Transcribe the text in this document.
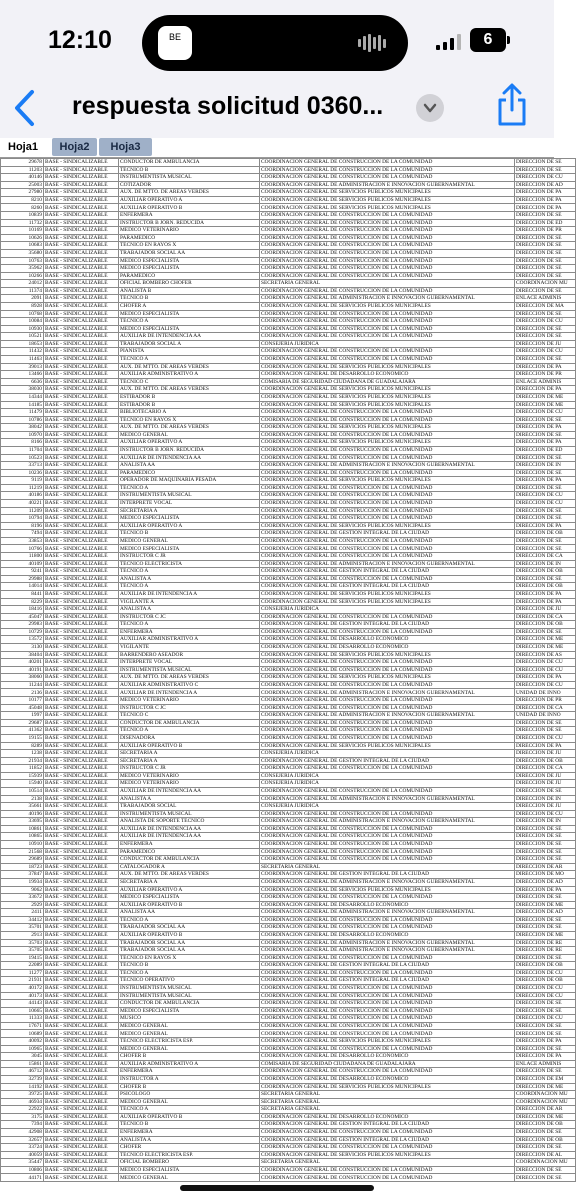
12:10	BE	6
respuesta solicitud 0360...
Hoja1	Hoja2	Hoja3
29678	BASE - SINDICALIZABLE	CONDUCTOR DE AMBULANCIA	COORDINACION GENERAL DE CONSTRUCCION DE LA COMUNIDAD	DIRECCION DE SE
11203	BASE - SINDICALIZABLE	TECNICO B	COORDINACION GENERAL DE CONSTRUCCION DE LA COMUNIDAD	DIRECCION DE SE
40146	BASE - SINDICALIZABLE	INSTRUMENTISTA MUSICAL	COORDINACION GENERAL DE CONSTRUCCION DE LA COMUNIDAD	DIRECCION DE CU
25003	BASE - SINDICALIZABLE	COTIZADOR	COORDINACION GENERAL DE ADMINISTRACION E INNOVACION GUBERNAMENTAL	DIRECCION DE AD
27980	BASE - SINDICALIZABLE	AUX. DE MTTO. DE AREAS VERDES	COORDINACION GENERAL DE SERVICIOS PUBLICOS MUNICIPALES	DIRECCION DE PA
8210	BASE - SINDICALIZABLE	AUXILIAR OPERATIVO A	COORDINACION GENERAL DE SERVICIOS PUBLICOS MUNICIPALES	DIRECCION DE PA
8260	BASE - SINDICALIZABLE	AUXILIAR OPERATIVO B	COORDINACION GENERAL DE SERVICIOS PUBLICOS MUNICIPALES	DIRECCION DE PA
10839	BASE - SINDICALIZABLE	ENFERMERA	COORDINACION GENERAL DE CONSTRUCCION DE LA COMUNIDAD	DIRECCION DE SE
11732	BASE - SINDICALIZABLE	INSTRUCTOR B JORN. REDUCIDA	COORDINACION GENERAL DE CONSTRUCCION DE LA COMUNIDAD	DIRECCION DE ED
10169	BASE - SINDICALIZABLE	MEDICO VETERINARIO	COORDINACION GENERAL DE CONSTRUCCION DE LA COMUNIDAD	DIRECCION DE PR
10626	BASE - SINDICALIZABLE	PARAMEDICO	COORDINACION GENERAL DE CONSTRUCCION DE LA COMUNIDAD	DIRECCION DE SE
10683	BASE - SINDICALIZABLE	TECNICO EN RAYOS X	COORDINACION GENERAL DE CONSTRUCCION DE LA COMUNIDAD	DIRECCION DE SE
35680	BASE - SINDICALIZABLE	TRABAJADOR SOCIAL AA	COORDINACION GENERAL DE CONSTRUCCION DE LA COMUNIDAD	DIRECCION DE SE
10763	BASE - SINDICALIZABLE	MEDICO ESPECIALISTA	COORDINACION GENERAL DE CONSTRUCCION DE LA COMUNIDAD	DIRECCION DE SE
35962	BASE - SINDICALIZABLE	MEDICO ESPECIALISTA	COORDINACION GENERAL DE CONSTRUCCION DE LA COMUNIDAD	DIRECCION DE SE
10266	BASE - SINDICALIZABLE	PARAMEDICO	COORDINACION GENERAL DE CONSTRUCCION DE LA COMUNIDAD	DIRECCION DE SE
24012	BASE - SINDICALIZABLE	OFICIAL BOMBERO CHOFER	SECRETARIA GENERAL	COORDINACION MU
11374	BASE - SINDICALIZABLE	ANALISTA B	COORDINACION GENERAL DE CONSTRUCCION DE LA COMUNIDAD	DIRECCION DE SE
2091	BASE - SINDICALIZABLE	TECNICO B	COORDINACION GENERAL DE ADMINISTRACION E INNOVACION GUBERNAMENTAL	ENLACE ADMINIS
8928	BASE - SINDICALIZABLE	CHOFER A	COORDINACION GENERAL DE SERVICIOS PUBLICOS MUNICIPALES	DIRECCION DE MA
10768	BASE - SINDICALIZABLE	MEDICO ESPECIALISTA	COORDINACION GENERAL DE CONSTRUCCION DE LA COMUNIDAD	DIRECCION DE SE
10084	BASE - SINDICALIZABLE	TECNICO A	COORDINACION GENERAL DE CONSTRUCCION DE LA COMUNIDAD	DIRECCION DE CU
10930	BASE - SINDICALIZABLE	MEDICO ESPECIALISTA	COORDINACION GENERAL DE CONSTRUCCION DE LA COMUNIDAD	DIRECCION DE SE
10521	BASE - SINDICALIZABLE	AUXILIAR DE INTENDENCIA AA	COORDINACION GENERAL DE CONSTRUCCION DE LA COMUNIDAD	DIRECCION DE SE
18653	BASE - SINDICALIZABLE	TRABAJADOR SOCIAL A	CONSEJERIA JURIDICA	DIRECCION DE JU
11432	BASE - SINDICALIZABLE	PIANISTA	COORDINACION GENERAL DE CONSTRUCCION DE LA COMUNIDAD	DIRECCION DE CU
11463	BASE - SINDICALIZABLE	TECNICO A	COORDINACION GENERAL DE CONSTRUCCION DE LA COMUNIDAD	DIRECCION DE SE
39013	BASE - SINDICALIZABLE	AUX. DE MTTO. DE AREAS VERDES	COORDINACION GENERAL DE SERVICIOS PUBLICOS MUNICIPALES	DIRECCION DE PA
13466	BASE - SINDICALIZABLE	AUXILIAR ADMINISTRATIVO A	COORDINACION GENERAL DE DESARROLLO ECONOMICO	DIRECCION DE PR
6636	BASE - SINDICALIZABLE	TECNICO C	COMISARIA DE SEGURIDAD CIUDADANA DE GUADALAJARA	ENLACE ADMINIS
38030	BASE - SINDICALIZABLE	AUX. DE MTTO. DE AREAS VERDES	COORDINACION GENERAL DE SERVICIOS PUBLICOS MUNICIPALES	DIRECCION DE PA
14344	BASE - SINDICALIZABLE	ESTIBADOR B	COORDINACION GENERAL DE SERVICIOS PUBLICOS MUNICIPALES	DIRECCION DE ME
14185	BASE - SINDICALIZABLE	ESTIBADOR B	COORDINACION GENERAL DE SERVICIOS PUBLICOS MUNICIPALES	DIRECCION DE ME
11479	BASE - SINDICALIZABLE	BIBLIOTECARIO A	COORDINACION GENERAL DE CONSTRUCCION DE LA COMUNIDAD	DIRECCION DE CU
10786	BASE - SINDICALIZABLE	TECNICO EN RAYOS X	COORDINACION GENERAL DE CONSTRUCCION DE LA COMUNIDAD	DIRECCION DE SE
38042	BASE - SINDICALIZABLE	AUX. DE MTTO. DE AREAS VERDES	COORDINACION GENERAL DE SERVICIOS PUBLICOS MUNICIPALES	DIRECCION DE PA
10970	BASE - SINDICALIZABLE	MEDICO GENERAL	COORDINACION GENERAL DE CONSTRUCCION DE LA COMUNIDAD	DIRECCION DE SE
8166	BASE - SINDICALIZABLE	AUXILIAR OPERATIVO A	COORDINACION GENERAL DE SERVICIOS PUBLICOS MUNICIPALES	DIRECCION DE PA
11704	BASE - SINDICALIZABLE	INSTRUCTOR B JORN. REDUCIDA	COORDINACION GENERAL DE CONSTRUCCION DE LA COMUNIDAD	DIRECCION DE ED
10523	BASE - SINDICALIZABLE	AUXILIAR DE INTENDENCIA AA	COORDINACION GENERAL DE CONSTRUCCION DE LA COMUNIDAD	DIRECCION DE SE
33713	BASE - SINDICALIZABLE	ANALISTA AA	COORDINACION GENERAL DE ADMINISTRACION E INNOVACION GUBERNAMENTAL	DIRECCION DE IN
10236	BASE - SINDICALIZABLE	PARAMEDICO	COORDINACION GENERAL DE CONSTRUCCION DE LA COMUNIDAD	DIRECCION DE SE
9119	BASE - SINDICALIZABLE	OPERADOR DE MAQUINARIA PESADA	COORDINACION GENERAL DE SERVICIOS PUBLICOS MUNICIPALES	DIRECCION DE PA
11219	BASE - SINDICALIZABLE	TECNICO A	COORDINACION GENERAL DE CONSTRUCCION DE LA COMUNIDAD	DIRECCION DE SE
40186	BASE - SINDICALIZABLE	INSTRUMENTISTA MUSICAL	COORDINACION GENERAL DE CONSTRUCCION DE LA COMUNIDAD	DIRECCION DE CU
40221	BASE - SINDICALIZABLE	INTERPRETE VOCAL	COORDINACION GENERAL DE CONSTRUCCION DE LA COMUNIDAD	DIRECCION DE CU
11209	BASE - SINDICALIZABLE	SECRETARIA A	COORDINACION GENERAL DE CONSTRUCCION DE LA COMUNIDAD	DIRECCION DE SE
10794	BASE - SINDICALIZABLE	MEDICO ESPECIALISTA	COORDINACION GENERAL DE CONSTRUCCION DE LA COMUNIDAD	DIRECCION DE SE
8196	BASE - SINDICALIZABLE	AUXILIAR OPERATIVO A	COORDINACION GENERAL DE SERVICIOS PUBLICOS MUNICIPALES	DIRECCION DE PA
7494	BASE - SINDICALIZABLE	TECNICO B	COORDINACION GENERAL DE GESTION INTEGRAL DE LA CIUDAD	DIRECCION DE OB
33853	BASE - SINDICALIZABLE	MEDICO GENERAL	COORDINACION GENERAL DE CONSTRUCCION DE LA COMUNIDAD	DIRECCION DE SE
10766	BASE - SINDICALIZABLE	MEDICO ESPECIALISTA	COORDINACION GENERAL DE CONSTRUCCION DE LA COMUNIDAD	DIRECCION DE SE
11800	BASE - SINDICALIZABLE	INSTRUCTOR C JR	COORDINACION GENERAL DE CONSTRUCCION DE LA COMUNIDAD	DIRECCION DE CA
40109	BASE - SINDICALIZABLE	TECNICO ELECTRICISTA	COORDINACION GENERAL DE ADMINISTRACION E INNOVACION GUBERNAMENTAL	DIRECCION DE IN
9241	BASE - SINDICALIZABLE	TECNICO A	COORDINACION GENERAL DE GESTION INTEGRAL DE LA CIUDAD	DIRECCION DE OB
29988	BASE - SINDICALIZABLE	ANALISTA A	COORDINACION GENERAL DE CONSTRUCCION DE LA COMUNIDAD	DIRECCION DE SE
14014	BASE - SINDICALIZABLE	TECNICO A	COORDINACION GENERAL DE GESTION INTEGRAL DE LA CIUDAD	DIRECCION DE OB
8441	BASE - SINDICALIZABLE	AUXILIAR DE INTENDENCIA A	COORDINACION GENERAL DE SERVICIOS PUBLICOS MUNICIPALES	DIRECCION DE PA
8229	BASE - SINDICALIZABLE	VIGILANTE A	COORDINACION GENERAL DE SERVICIOS PUBLICOS MUNICIPALES	DIRECCION DE PA
18416	BASE - SINDICALIZABLE	ANALISTA A	CONSEJERIA JURIDICA	DIRECCION DE JU
45047	BASE - SINDICALIZABLE	INSTRUCTOR C JC	COORDINACION GENERAL DE CONSTRUCCION DE LA COMUNIDAD	DIRECCION DE CA
29983	BASE - SINDICALIZABLE	TECNICO A	COORDINACION GENERAL DE GESTION INTEGRAL DE LA CIUDAD	DIRECCION DE OB
10729	BASE - SINDICALIZABLE	ENFERMERA	COORDINACION GENERAL DE CONSTRUCCION DE LA COMUNIDAD	DIRECCION DE SE
13572	BASE - SINDICALIZABLE	AUXILIAR ADMINISTRATIVO A	COORDINACION GENERAL DE DESARROLLO ECONOMICO	DIRECCION DE ME
3130	BASE - SINDICALIZABLE	VIGILANTE	COORDINACION GENERAL DE DESARROLLO ECONOMICO	DIRECCION DE ME
38404	BASE - SINDICALIZABLE	BARRENDERO ASEADOR	COORDINACION GENERAL DE SERVICIOS PUBLICOS MUNICIPALES	DIRECCION DE AS
40201	BASE - SINDICALIZABLE	INTERPRETE VOCAL	COORDINACION GENERAL DE CONSTRUCCION DE LA COMUNIDAD	DIRECCION DE CU
40191	BASE - SINDICALIZABLE	INSTRUMENTISTA MUSICAL	COORDINACION GENERAL DE CONSTRUCCION DE LA COMUNIDAD	DIRECCION DE CU
38060	BASE - SINDICALIZABLE	AUX. DE MTTO. DE AREAS VERDES	COORDINACION GENERAL DE SERVICIOS PUBLICOS MUNICIPALES	DIRECCION DE PA
11244	BASE - SINDICALIZABLE	AUXILIAR ADMINISTRATIVO C	COORDINACION GENERAL DE CONSTRUCCION DE LA COMUNIDAD	DIRECCION DE CU
2136	BASE - SINDICALIZABLE	AUXILIAR DE INTENDENCIA A	COORDINACION GENERAL DE ADMINISTRACION E INNOVACION GUBERNAMENTAL	UNIDAD DE INNO
10177	BASE - SINDICALIZABLE	MEDICO VETERINARIO	COORDINACION GENERAL DE CONSTRUCCION DE LA COMUNIDAD	DIRECCION DE PR
45048	BASE - SINDICALIZABLE	INSTRUCTOR C JC	COORDINACION GENERAL DE CONSTRUCCION DE LA COMUNIDAD	DIRECCION DE CA
1997	BASE - SINDICALIZABLE	TECNICO C	COORDINACION GENERAL DE ADMINISTRACION E INNOVACION GUBERNAMENTAL	UNIDAD DE INNO
29687	BASE - SINDICALIZABLE	CONDUCTOR DE AMBULANCIA	COORDINACION GENERAL DE CONSTRUCCION DE LA COMUNIDAD	DIRECCION DE SE
41362	BASE - SINDICALIZABLE	TECNICO A	COORDINACION GENERAL DE CONSTRUCCION DE LA COMUNIDAD	DIRECCION DE SE
19155	BASE - SINDICALIZABLE	DISENADORA	COORDINACION GENERAL DE CONSTRUCCION DE LA COMUNIDAD	DIRECCION DE CU
8289	BASE - SINDICALIZABLE	AUXILIAR OPERATIVO B	COORDINACION GENERAL DE SERVICIOS PUBLICOS MUNICIPALES	DIRECCION DE PA
1238	BASE - SINDICALIZABLE	SECRETARIA A	CONSEJERIA JURIDICA	DIRECCION DE JU
21934	BASE - SINDICALIZABLE	SECRETARIA A	COORDINACION GENERAL DE GESTION INTEGRAL DE LA CIUDAD	DIRECCION DE OB
11852	BASE - SINDICALIZABLE	INSTRUCTOR C JR	COORDINACION GENERAL DE CONSTRUCCION DE LA COMUNIDAD	DIRECCION DE CA
15939	BASE - SINDICALIZABLE	MEDICO VETERINARIO	CONSEJERIA JURIDICA	DIRECCION DE JU
15940	BASE - SINDICALIZABLE	MEDICO VETERINARIO	CONSEJERIA JURIDICA	DIRECCION DE JU
10514	BASE - SINDICALIZABLE	AUXILIAR DE INTENDENCIA AA	COORDINACION GENERAL DE CONSTRUCCION DE LA COMUNIDAD	DIRECCION DE SE
2138	BASE - SINDICALIZABLE	ANALISTA A	COORDINACION GENERAL DE ADMINISTRACION E INNOVACION GUBERNAMENTAL	DIRECCION DE IN
35661	BASE - SINDICALIZABLE	TRABAJADOR SOCIAL	CONSEJERIA JURIDICA	DIRECCION DE JU
40196	BASE - SINDICALIZABLE	INSTRUMENTISTA MUSICAL	COORDINACION GENERAL DE CONSTRUCCION DE LA COMUNIDAD	DIRECCION DE CU
33695	BASE - SINDICALIZABLE	ANALISTA DE SOPORTE TECNICO	COORDINACION GENERAL DE ADMINISTRACION E INNOVACION GUBERNAMENTAL	DIRECCION DE IN
10861	BASE - SINDICALIZABLE	AUXILIAR DE INTENDENCIA AA	COORDINACION GENERAL DE CONSTRUCCION DE LA COMUNIDAD	DIRECCION DE SE
10865	BASE - SINDICALIZABLE	AUXILIAR DE INTENDENCIA AA	COORDINACION GENERAL DE CONSTRUCCION DE LA COMUNIDAD	DIRECCION DE SE
10910	BASE - SINDICALIZABLE	ENFERMERA	COORDINACION GENERAL DE CONSTRUCCION DE LA COMUNIDAD	DIRECCION DE SE
21568	BASE - SINDICALIZABLE	PARAMEDICO	COORDINACION GENERAL DE CONSTRUCCION DE LA COMUNIDAD	DIRECCION DE SE
29689	BASE - SINDICALIZABLE	CONDUCTOR DE AMBULANCIA	COORDINACION GENERAL DE CONSTRUCCION DE LA COMUNIDAD	DIRECCION DE SE
18723	BASE - SINDICALIZABLE	CATALOGADOR A	SECRETARIA GENERAL	DIRECCION DE AR
37847	BASE - SINDICALIZABLE	AUX. DE MTTO. DE AREAS VERDES	COORDINACION GENERAL DE GESTION INTEGRAL DE LA CIUDAD	DIRECCION DE MO
19934	BASE - SINDICALIZABLE	SECRETARIA A	COORDINACION GENERAL DE ADMINISTRACION E INNOVACION GUBERNAMENTAL	DIRECCION DE AD
9062	BASE - SINDICALIZABLE	AUXILIAR OPERATIVO A	COORDINACION GENERAL DE SERVICIOS PUBLICOS MUNICIPALES	DIRECCION DE PA
33672	BASE - SINDICALIZABLE	MEDICO ESPECIALISTA	COORDINACION GENERAL DE CONSTRUCCION DE LA COMUNIDAD	DIRECCION DE SE
2929	BASE - SINDICALIZABLE	AUXILIAR OPERATIVO B	COORDINACION GENERAL DE DESARROLLO ECONOMICO	DIRECCION DE ME
2411	BASE - SINDICALIZABLE	ANALISTA AA	COORDINACION GENERAL DE ADMINISTRACION E INNOVACION GUBERNAMENTAL	DIRECCION DE AD
34412	BASE - SINDICALIZABLE	TECNICO A	COORDINACION GENERAL DE CONSTRUCCION DE LA COMUNIDAD	DIRECCION DE SE
35701	BASE - SINDICALIZABLE	TRABAJADOR SOCIAL AA	COORDINACION GENERAL DE CONSTRUCCION DE LA COMUNIDAD	DIRECCION DE SE
2913	BASE - SINDICALIZABLE	AUXILIAR OPERATIVO B	COORDINACION GENERAL DE DESARROLLO ECONOMICO	DIRECCION DE ME
35703	BASE - SINDICALIZABLE	TRABAJADOR SOCIAL AA	COORDINACION GENERAL DE ADMINISTRACION E INNOVACION GUBERNAMENTAL	DIRECCION DE RE
35705	BASE - SINDICALIZABLE	TRABAJADOR SOCIAL AA	COORDINACION GENERAL DE ADMINISTRACION E INNOVACION GUBERNAMENTAL	DIRECCION DE RE
19415	BASE - SINDICALIZABLE	TECNICO EN RAYOS X	COORDINACION GENERAL DE CONSTRUCCION DE LA COMUNIDAD	DIRECCION DE SE
22089	BASE - SINDICALIZABLE	TECNICO B	COORDINACION GENERAL DE GESTION INTEGRAL DE LA CIUDAD	DIRECCION DE OB
11277	BASE - SINDICALIZABLE	TECNICO A	COORDINACION GENERAL DE CONSTRUCCION DE LA COMUNIDAD	DIRECCION DE CU
21931	BASE - SINDICALIZABLE	TECNICO OPERATIVO	COORDINACION GENERAL DE GESTION INTEGRAL DE LA CIUDAD	DIRECCION DE OB
40172	BASE - SINDICALIZABLE	INSTRUMENTISTA MUSICAL	COORDINACION GENERAL DE CONSTRUCCION DE LA COMUNIDAD	DIRECCION DE CU
40173	BASE - SINDICALIZABLE	INSTRUMENTISTA MUSICAL	COORDINACION GENERAL DE CONSTRUCCION DE LA COMUNIDAD	DIRECCION DE CU
44143	BASE - SINDICALIZABLE	CONDUCTOR DE AMBULANCIA	COORDINACION GENERAL DE CONSTRUCCION DE LA COMUNIDAD	DIRECCION DE SE
10665	BASE - SINDICALIZABLE	MEDICO ESPECIALISTA	COORDINACION GENERAL DE CONSTRUCCION DE LA COMUNIDAD	DIRECCION DE SE
11333	BASE - SINDICALIZABLE	MUSICO	COORDINACION GENERAL DE CONSTRUCCION DE LA COMUNIDAD	DIRECCION DE CU
17671	BASE - SINDICALIZABLE	MEDICO GENERAL	COORDINACION GENERAL DE CONSTRUCCION DE LA COMUNIDAD	DIRECCION DE SE
10689	BASE - SINDICALIZABLE	MEDICO GENERAL	COORDINACION GENERAL DE CONSTRUCCION DE LA COMUNIDAD	DIRECCION DE SE
40092	BASE - SINDICALIZABLE	TECNICO ELECTRICISTA ESP.	COORDINACION GENERAL DE SERVICIOS PUBLICOS MUNICIPALES	DIRECCION DE PA
10965	BASE - SINDICALIZABLE	MEDICO GENERAL	COORDINACION GENERAL DE CONSTRUCCION DE LA COMUNIDAD	DIRECCION DE SE
3045	BASE - SINDICALIZABLE	CHOFER B	COORDINACION GENERAL DE DESARROLLO ECONOMICO	DIRECCION DE PA
15861	BASE - SINDICALIZABLE	AUXILIAR ADMINISTRATIVO A	COMISARIA DE SEGURIDAD CIUDADANA DE GUADALAJARA	ENLACE ADMINIS
46712	BASE - SINDICALIZABLE	ENFERMERA	COORDINACION GENERAL DE CONSTRUCCION DE LA COMUNIDAD	DIRECCION DE SE
32739	BASE - SINDICALIZABLE	INSTRUCTOR A	COORDINACION GENERAL DE DESARROLLO ECONOMICO	DIRECCION DE EM
14192	BASE - SINDICALIZABLE	CHOFER B	COORDINACION GENERAL DE SERVICIOS PUBLICOS MUNICIPALES	DIRECCION DE ME
39725	BASE - SINDICALIZABLE	PSICOLOGO	SECRETARIA GENERAL	COORDINACION MU
46934	BASE - SINDICALIZABLE	MEDICO GENERAL	SECRETARIA GENERAL	COORDINACION MU
22922	BASE - SINDICALIZABLE	TECNICO A	SECRETARIA GENERAL	DIRECCION DE AR
3175	BASE - SINDICALIZABLE	AUXILIAR OPERATIVO B	COORDINACION GENERAL DE DESARROLLO ECONOMICO	DIRECCION DE ME
7394	BASE - SINDICALIZABLE	TECNICO B	COORDINACION GENERAL DE GESTION INTEGRAL DE LA CIUDAD	DIRECCION DE OB
42908	BASE - SINDICALIZABLE	ENFERMERA	COORDINACION GENERAL DE CONSTRUCCION DE LA COMUNIDAD	DIRECCION DE SE
32657	BASE - SINDICALIZABLE	ANALISTA A	COORDINACION GENERAL DE GESTION INTEGRAL DE LA CIUDAD	DIRECCION DE OB
33724	BASE - SINDICALIZABLE	CHOFER	COORDINACION GENERAL DE CONSTRUCCION DE LA COMUNIDAD	DIRECCION DE SE
40059	BASE - SINDICALIZABLE	TECNICO ELECTRICISTA ESP.	COORDINACION GENERAL DE SERVICIOS PUBLICOS MUNICIPALES	DIRECCION DE AL
35447	BASE - SINDICALIZABLE	OFICIAL BOMBERO	SECRETARIA GENERAL	COORDINACION MU
10806	BASE - SINDICALIZABLE	MEDICO ESPECIALISTA	COORDINACION GENERAL DE CONSTRUCCION DE LA COMUNIDAD	DIRECCION DE SE
44171	BASE - SINDICALIZABLE	MEDICO GENERAL	COORDINACION GENERAL DE CONSTRUCCION DE LA COMUNIDAD	DIRECCION DE SE
